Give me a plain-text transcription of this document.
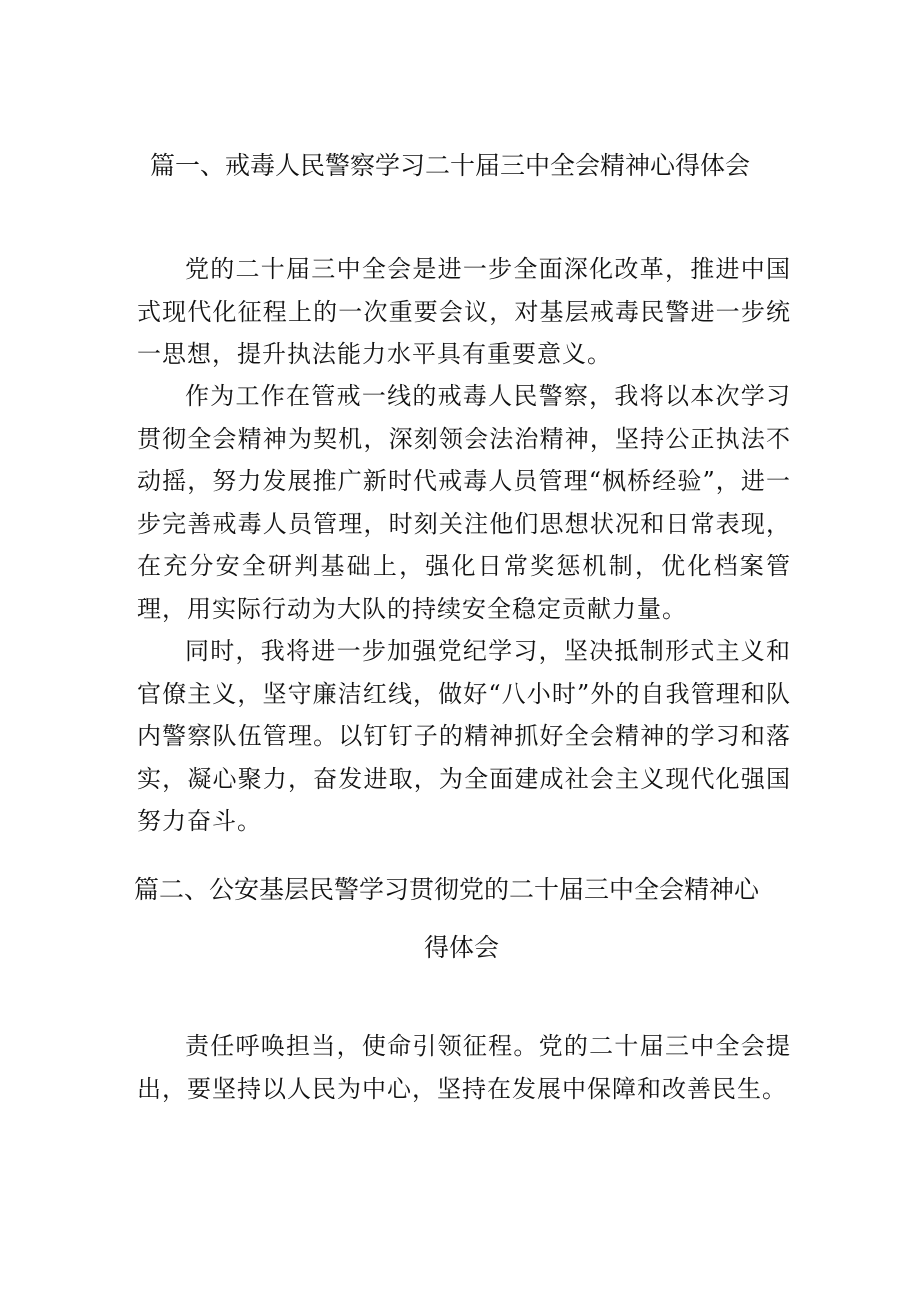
篇一、戒毒人民警察学习二十届三中全会精神心得体会

党的二十届三中全会是进一步全面深化改革，推进中国式现代化征程上的一次重要会议，对基层戒毒民警进一步统一思想，提升执法能力水平具有重要意义。

作为工作在管戒一线的戒毒人民警察，我将以本次学习贯彻全会精神为契机，深刻领会法治精神，坚持公正执法不动摇，努力发展推广新时代戒毒人员管理“枫桥经验”，进一步完善戒毒人员管理，时刻关注他们思想状况和日常表现，在充分安全研判基础上，强化日常奖惩机制，优化档案管理，用实际行动为大队的持续安全稳定贡献力量。

同时，我将进一步加强党纪学习，坚决抵制形式主义和官僚主义，坚守廉洁红线，做好“八小时”外的自我管理和队内警察队伍管理。以钉钉子的精神抓好全会精神的学习和落实，凝心聚力，奋发进取，为全面建成社会主义现代化强国努力奋斗。

篇二、公安基层民警学习贯彻党的二十届三中全会精神心
得体会

责任呼唤担当，使命引领征程。党的二十届三中全会提出，要坚持以人民为中心，坚持在发展中保障和改善民生。
